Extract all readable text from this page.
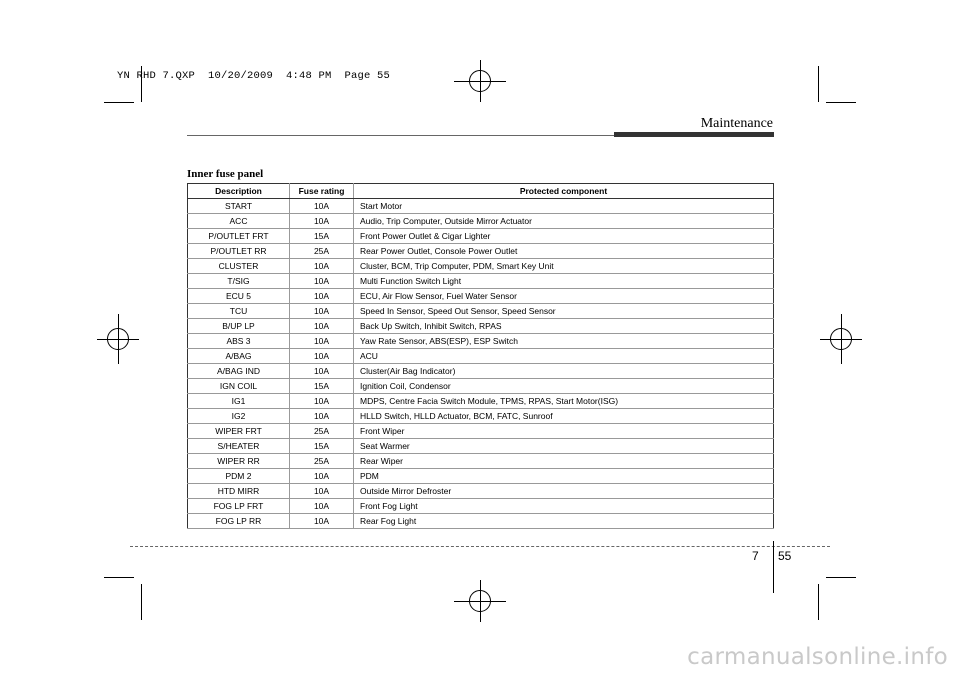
YN RHD 7.QXP  10/20/2009  4:48 PM  Page 55
Maintenance
Inner fuse panel
Description	Fuse rating	Protected component
START	10A	Start Motor
ACC	10A	Audio, Trip Computer, Outside Mirror Actuator
P/OUTLET FRT	15A	Front Power Outlet & Cigar Lighter
P/OUTLET RR	25A	Rear Power Outlet, Console Power Outlet
CLUSTER	10A	Cluster, BCM, Trip Computer, PDM, Smart Key Unit
T/SIG	10A	Multi Function Switch Light
ECU 5	10A	ECU, Air Flow Sensor, Fuel Water Sensor
TCU	10A	Speed In Sensor, Speed Out Sensor, Speed Sensor
B/UP LP	10A	Back Up Switch, Inhibit Switch, RPAS
ABS 3	10A	Yaw Rate Sensor, ABS(ESP), ESP Switch
A/BAG	10A	ACU
A/BAG IND	10A	Cluster(Air Bag Indicator)
IGN COIL	15A	Ignition Coil, Condensor
IG1	10A	MDPS, Centre Facia Switch Module, TPMS, RPAS, Start Motor(ISG)
IG2	10A	HLLD Switch, HLLD Actuator, BCM, FATC, Sunroof
WIPER FRT	25A	Front Wiper
S/HEATER	15A	Seat Warmer
WIPER RR	25A	Rear Wiper
PDM 2	10A	PDM
HTD MIRR	10A	Outside Mirror Defroster
FOG LP FRT	10A	Front Fog Light
FOG LP RR	10A	Rear Fog Light
7 55
carmanualsonline.info
